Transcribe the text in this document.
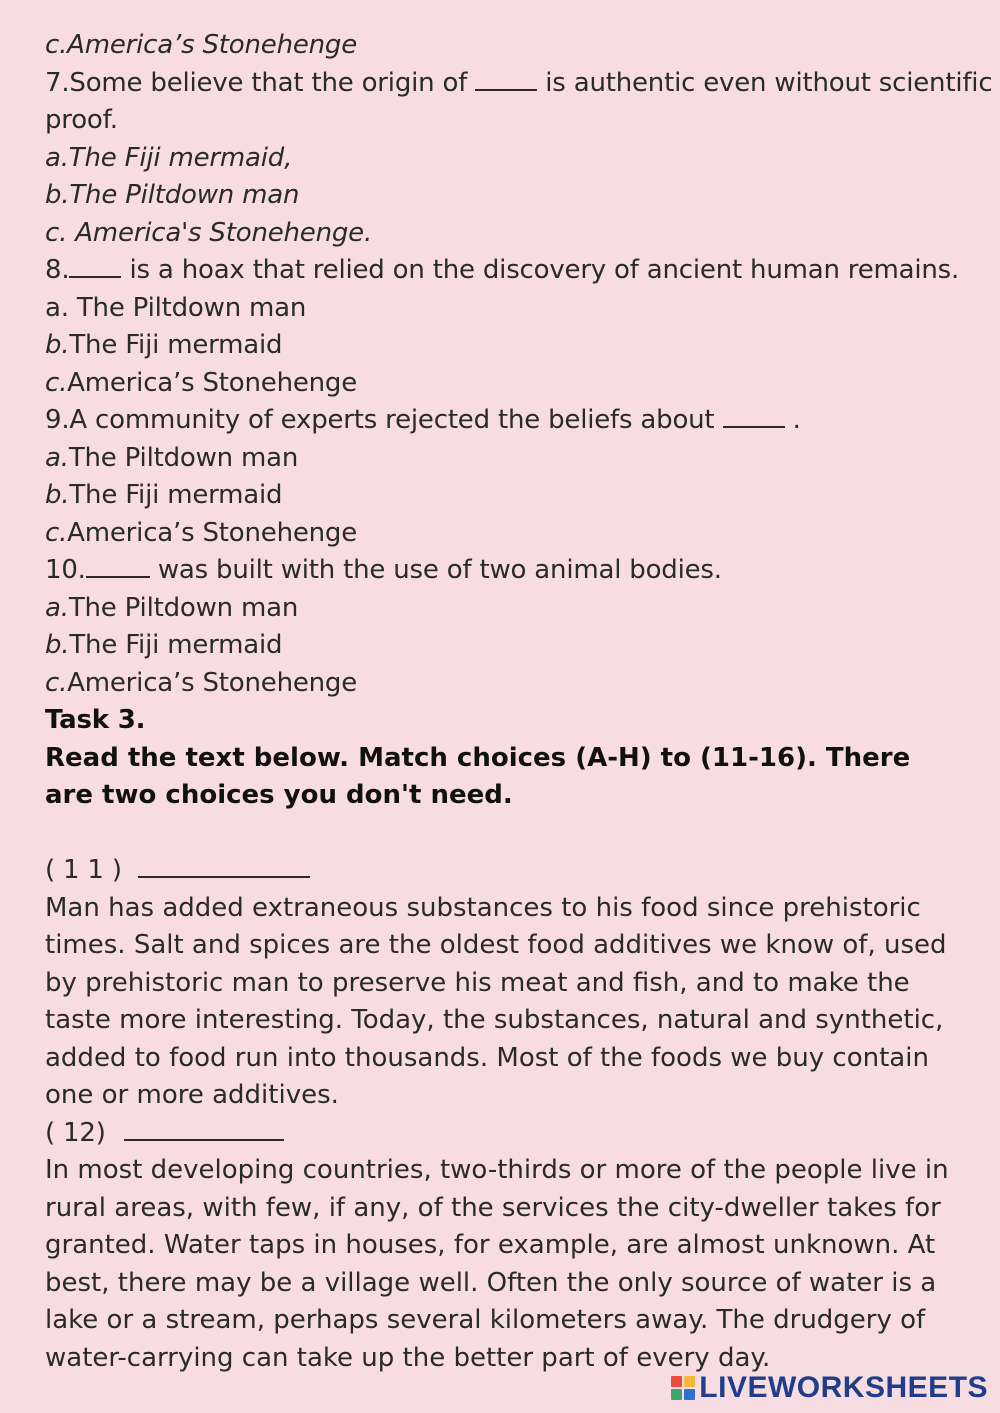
c.America’s Stonehenge
7.Some believe that the origin of  is authentic even without scientific
proof.
a.The Fiji mermaid,
b.The Piltdown man
c. America's Stonehenge.
8. is a hoax that relied on the discovery of ancient human remains.
a. The Piltdown man
b.The Fiji mermaid
c.America’s Stonehenge
9.A community of experts rejected the beliefs about  .
a.The Piltdown man
b.The Fiji mermaid
c.America’s Stonehenge
10. was built with the use of two animal bodies.
a.The Piltdown man
b.The Fiji mermaid
c.America’s Stonehenge
Task 3.
Read the text below. Match choices (A-H) to (11-16). There are two choices you don't need.
( 1 1 )
Man has added extraneous substances to his food since prehistoric times. Salt and spices are the oldest food additives we know of, used by prehistoric man to preserve his meat and fish, and to make the taste more interesting. Today, the substances, natural and synthetic, added to food run into thousands. Most of the foods we buy contain one or more additives.
( 12)
In most developing countries, two-thirds or more of the people live in rural areas, with few, if any, of the services the city-dweller takes for granted. Water taps in houses, for example, are almost unknown. At best, there may be a village well. Often the only source of water is a lake or a stream, perhaps several kilometers away. The drudgery of water-carrying can take up the better part of every day.
LIVEWORKSHEETS
